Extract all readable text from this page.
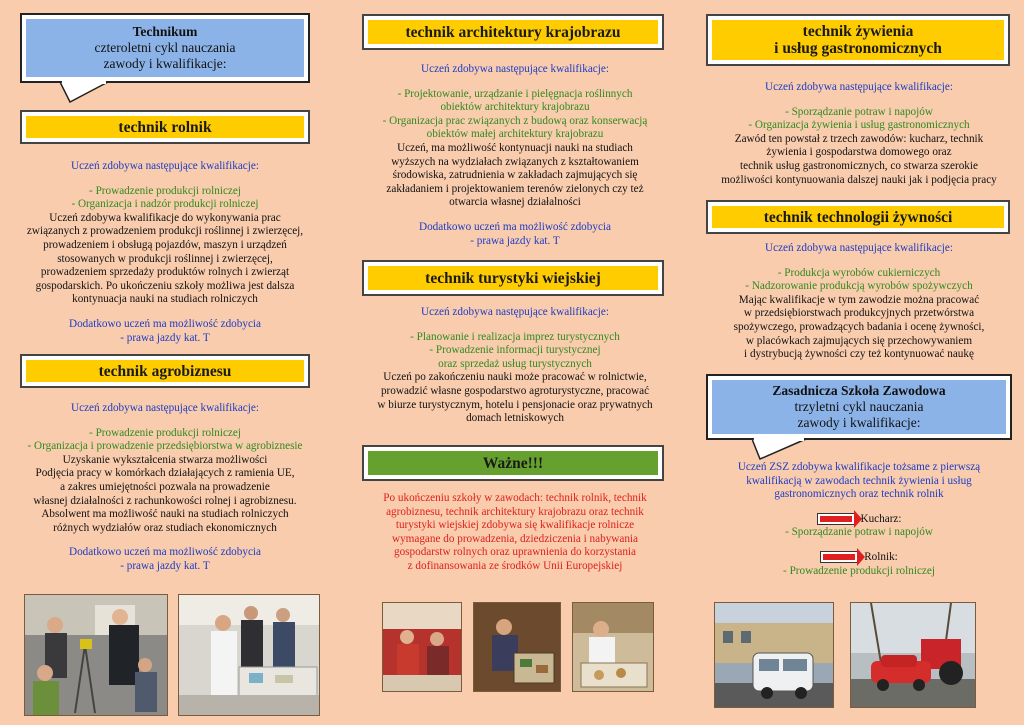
Technikum
czteroletni cykl nauczania
zawody i kwalifikacje:
technik rolnik
Uczeń zdobywa następujące kwalifikacje:
- Prowadzenie produkcji rolniczej
- Organizacja i nadzór produkcji rolniczej
Uczeń zdobywa kwalifikacje do wykonywania prac
związanych z prowadzeniem produkcji roślinnej i zwierzęcej,
prowadzeniem i obsługą pojazdów, maszyn i urządzeń
stosowanych w produkcji roślinnej i zwierzęcej,
prowadzeniem sprzedaży produktów rolnych i zwierząt
gospodarskich. Po ukończeniu szkoły możliwa jest dalsza
kontynuacja nauki na studiach rolniczych
Dodatkowo uczeń ma możliwość zdobycia
- prawa jazdy kat. T
technik agrobiznesu
Uczeń zdobywa następujące kwalifikacje:
- Prowadzenie produkcji rolniczej
- Organizacja i prowadzenie przedsiębiorstwa w agrobiznesie
Uzyskanie wykształcenia stwarza możliwości
Podjęcia pracy w komórkach działających z ramienia UE,
a zakres umiejętności pozwala na prowadzenie
własnej działalności z rachunkowości rolnej i agrobiznesu.
Absolwent ma możliwość nauki na studiach rolniczych
różnych wydziałów oraz studiach ekonomicznych
Dodatkowo uczeń ma możliwość zdobycia
- prawa jazdy kat. T
technik architektury krajobrazu
Uczeń zdobywa następujące kwalifikacje:
- Projektowanie, urządzanie i pielęgnacja roślinnych
obiektów architektury krajobrazu
- Organizacja prac związanych z budową oraz konserwacją
obiektów małej architektury krajobrazu
Uczeń, ma możliwość kontynuacji nauki na studiach
wyższych na wydziałach związanych z kształtowaniem
środowiska, zatrudnienia w zakładach zajmujących się
zakładaniem i projektowaniem terenów zielonych czy też
otwarcia własnej działalności
Dodatkowo uczeń ma możliwość zdobycia
- prawa jazdy kat. T
technik turystyki wiejskiej
Uczeń zdobywa następujące kwalifikacje:
- Planowanie i realizacja imprez turystycznych
- Prowadzenie informacji turystycznej
oraz sprzedaż usług turystycznych
Uczeń po zakończeniu nauki może pracować w rolnictwie,
prowadzić własne gospodarstwo agroturystyczne, pracować
w biurze turystycznym, hotelu i pensjonacie oraz prywatnych
domach letniskowych
Ważne!!!
Po ukończeniu szkoły w zawodach: technik rolnik, technik
agrobiznesu, technik architektury krajobrazu oraz technik
turystyki wiejskiej zdobywa się kwalifikacje rolnicze
wymagane do prowadzenia, dziedziczenia i nabywania
gospodarstw rolnych oraz uprawnienia do korzystania
z dofinansowania ze środków Unii Europejskiej
technik żywienia
i usług gastronomicznych
Uczeń zdobywa następujące kwalifikacje:
- Sporządzanie potraw i napojów
- Organizacja żywienia i usług gastronomicznych
Zawód ten powstał z trzech zawodów: kucharz, technik
żywienia i gospodarstwa domowego oraz
technik usług gastronomicznych, co stwarza szerokie
możliwości kontynuowania dalszej nauki jak i podjęcia pracy
technik technologii żywności
Uczeń zdobywa następujące kwalifikacje:
- Produkcja wyrobów cukierniczych
- Nadzorowanie produkcją wyrobów spożywczych
Mając kwalifikacje w tym zawodzie można pracować
w przedsiębiorstwach produkcyjnych przetwórstwa
spożywczego, prowadzących badania i ocenę żywności,
w placówkach zajmujących się przechowywaniem
i dystrybucją żywności czy też kontynuować naukę
Zasadnicza Szkoła Zawodowa
trzyletni cykl nauczania
zawody i kwalifikacje:
Uczeń ZSZ zdobywa kwalifikacje tożsame z pierwszą
kwalifikacją w zawodach technik żywienia i usług
gastronomicznych oraz technik rolnik
Kucharz:
- Sporządzanie potraw i napojów
Rolnik:
- Prowadzenie produkcji rolniczej
